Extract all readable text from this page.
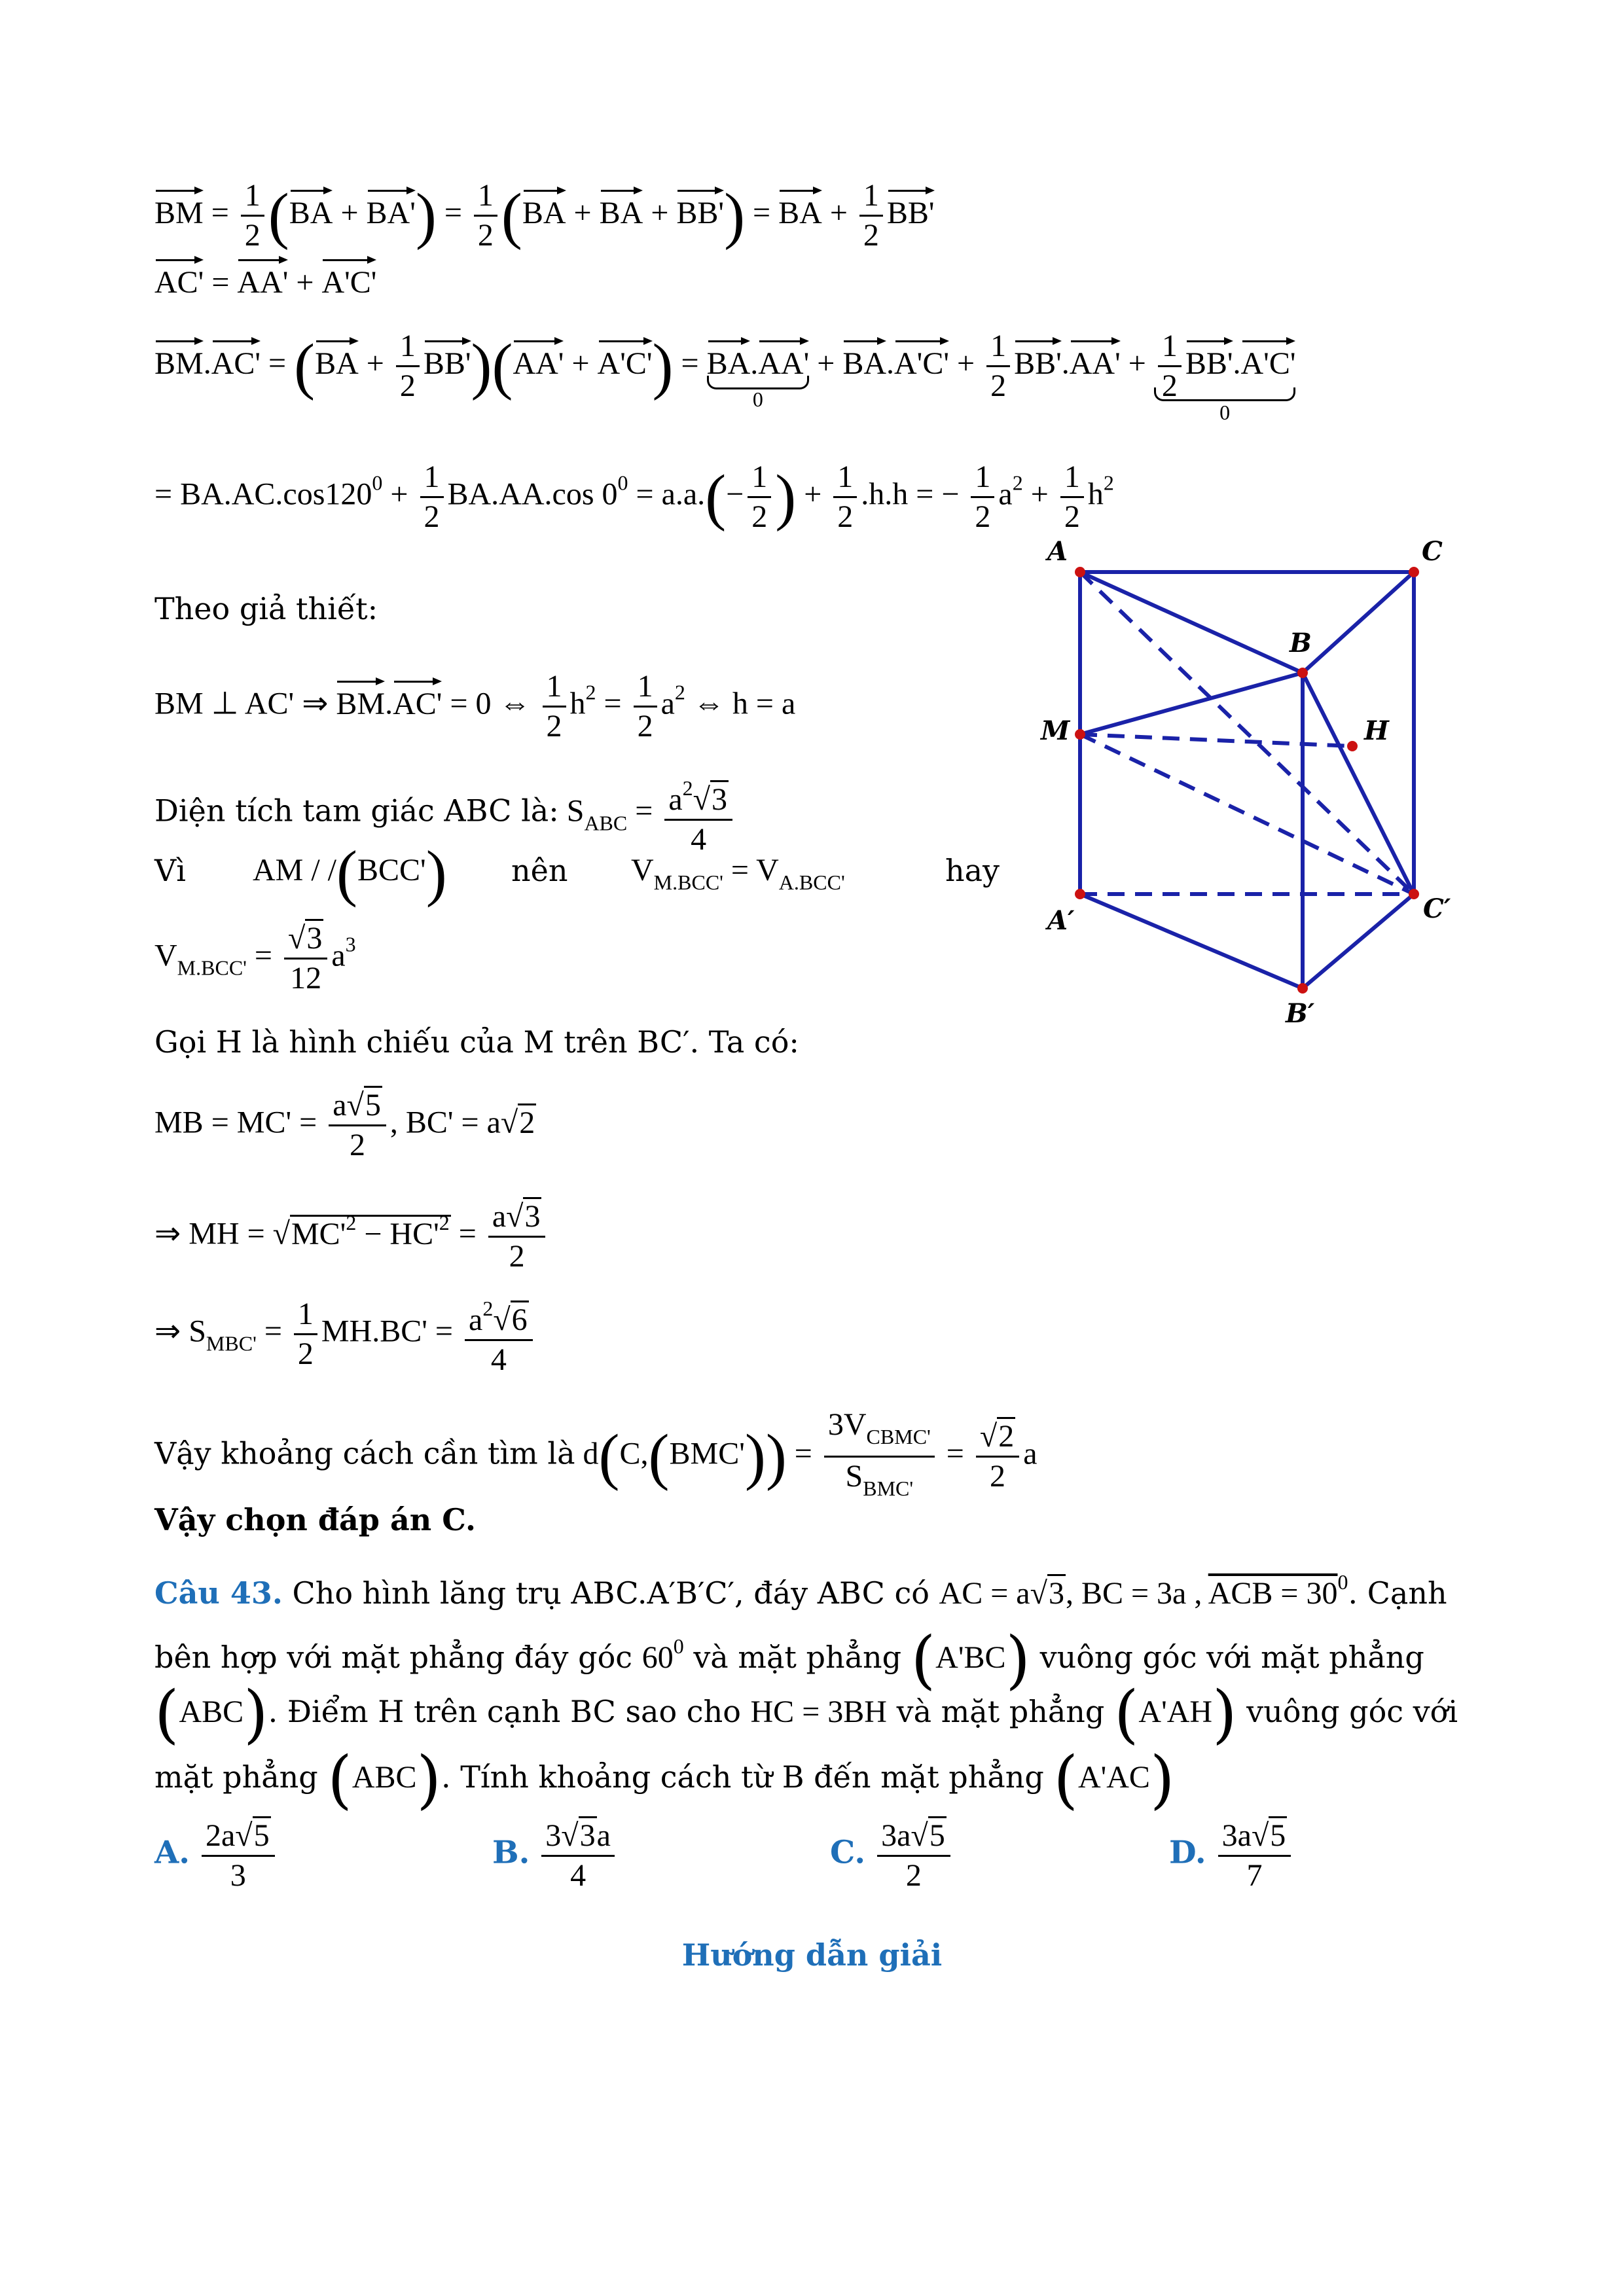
BM = $\frac{1}{2} (BA + BA') = \frac{1}{2} (BA$ + BA + BB') = BA + $\frac{1}{2} BB'$
AC' = AA' + A'C'
$BM.AC' = (BA + \frac{1}{2} BB')(AA' + A'C') = BA.AA'$
0
+ $BA.A'C' + \frac{1}{2} BB'.AA' + \frac{1}{2} BB'.A'C'$
0
= $BA.AC.\cos 120^0 + \frac{1}{2} BA.AA.\cos$ $0^0 = a.a.(- \frac{1}{2}$ ) + $\frac{1}{2} .h.h$ = − $\frac{1}{2} a^2 + \frac{1}{2} h^2$
Theo giả thiết:
BM ⊥ AC' ⇒ BM.AC' = 0 ⇔ $\frac{1}{2} h^2 = \frac{1}{2} a^2$ ⇔ h = a
Diện tích tam giác ABC là: $S_{ABC} = \frac{a^2√3}{4}$
Vì AM / /(BCC') nên $V_{M.BCC'} = V_{A.BCC'}$	hay
$V_{M.BCC'} = \frac{√3}{12} a^3$
Gọi H là hình chiếu của M trên BC′. Ta có:
MB = $MC' = \frac{a√5}{2}$ , BC' = a√2
⇒ MH = $√MC'^2 - HC'^2 = \frac{a√3}{2}$
⇒ $S_{MBC'} = \frac{1}{2} MH.BC' = \frac{a^2√6}{4}$
Vậy khoảng cách cần tìm là $d(C,(BMC')) = \frac{3V_{CBMC'}}{S_{BMC'}} = \frac{√2}{2}$ a
Vậy chọn đáp án C.
Câu 43. Cho hình lăng trụ ABC.A′B′C′, đáy ABC có AC = a√3, BC = 3a , ACB = $30^0$. Cạnh
bên hợp với mặt phẳng đáy góc $60^0$ và mặt phẳng (A'BC) vuông góc với mặt phẳng
(ABC). Điểm H trên cạnh BC sao cho HC = 3BH và mặt phẳng (A'AH) vuông góc với
mặt phẳng (ABC). Tính khoảng cách từ B đến mặt phẳng (A'AC)
A. $\frac{2a√5}{3}$	B. $\frac{3√3a}{4}$	C. $\frac{3a√5}{2}$	D. $\frac{3a√5}{7}$
Hướng dẫn giải
A	C
B
M	H
A′	C′
B′
